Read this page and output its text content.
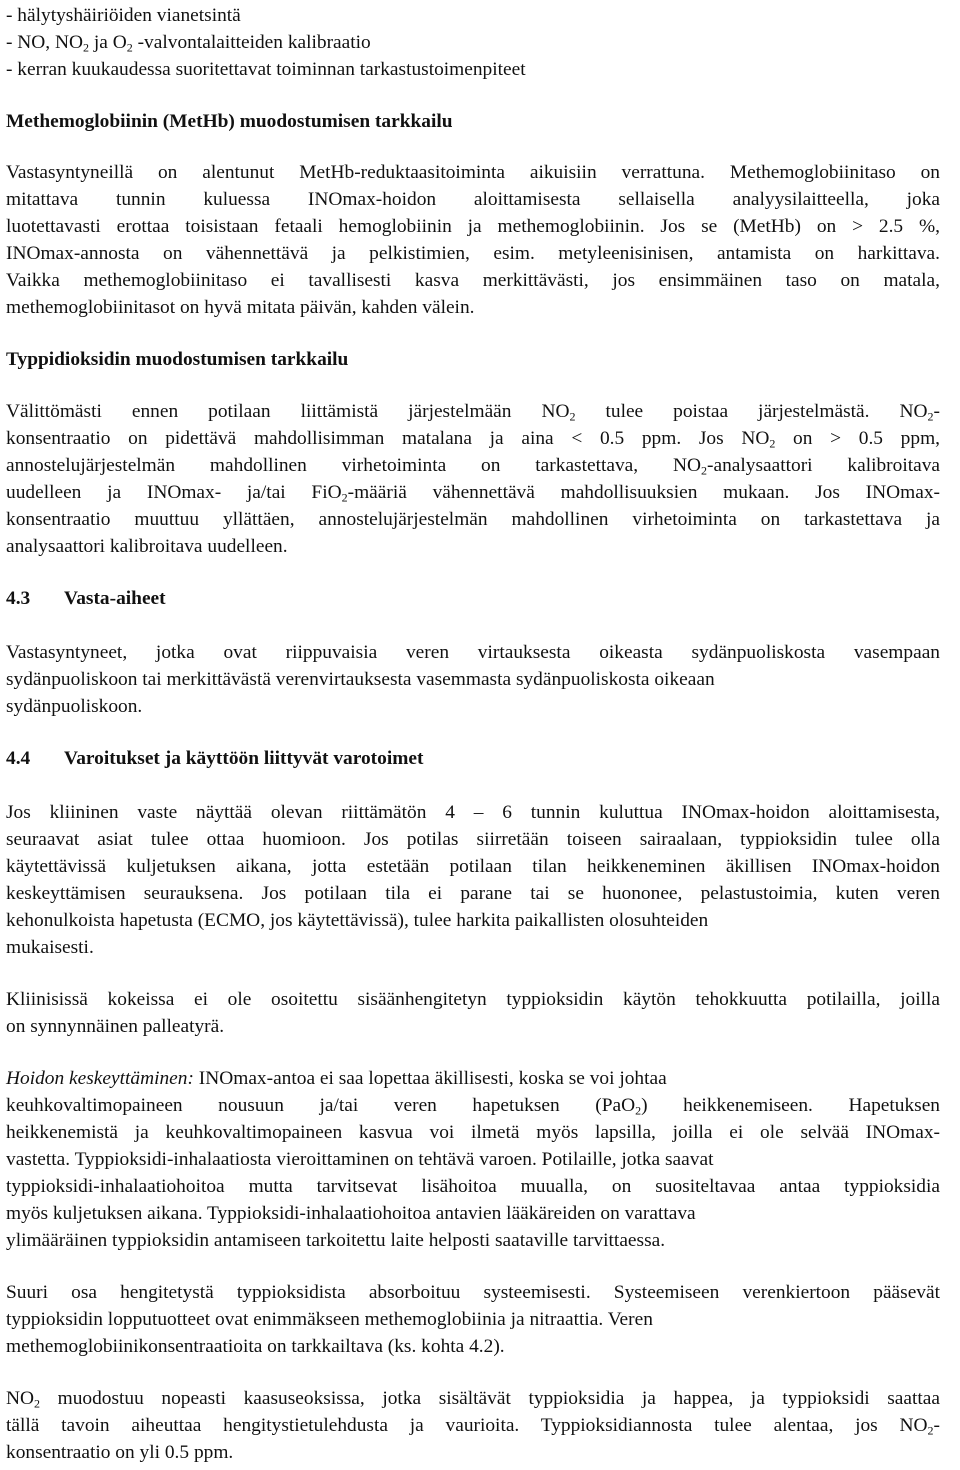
- hälytyshäiriöiden vianetsintä
- NO, $NO_2$ ja $O_2$ -valvontalaitteiden kalibraatio
- kerran kuukaudessa suoritettavat toiminnan tarkastustoimenpiteet
Methemoglobiinin (MetHb) muodostumisen tarkkailu
Vastasyntyneillä on alentunut MetHb-reduktaasitoiminta aikuisiin verrattuna. Methemoglobiinitaso on
mitattava tunnin kuluessa INOmax-hoidon aloittamisesta sellaisella analyysilaitteella, joka
luotettavasti erottaa toisistaan fetaali hemoglobiinin ja methemoglobiinin. Jos se (MetHb) on > 2.5 %,
INOmax-annosta on vähennettävä ja pelkistimien, esim. metyleenisinisen, antamista on harkittava.
Vaikka methemoglobiinitaso ei tavallisesti kasva merkittävästi, jos ensimmäinen taso on matala,
methemoglobiinitasot on hyvä mitata päivän, kahden välein.
Typpidioksidin muodostumisen tarkkailu
Välittömästi ennen potilaan liittämistä järjestelmään $NO_2$ tulee poistaa järjestelmästä. $NO_2-$
konsentraatio on pidettävä mahdollisimman matalana ja aina < 0.5 ppm. Jos $NO_2$ on > 0.5 ppm,
annostelujärjestelmän mahdollinen virhetoiminta on tarkastettava, $NO_2$-analysaattori kalibroitava
uudelleen ja INOmax- ja/tai FiO$_2$-määriä vähennettävä mahdollisuuksien mukaan. Jos INOmax-
konsentraatio muuttuu yllättäen, annostelujärjestelmän mahdollinen virhetoiminta on tarkastettava ja
analysaattori kalibroitava uudelleen.
4.3 Vasta-aiheet
Vastasyntyneet, jotka ovat riippuvaisia veren virtauksesta oikeasta sydänpuoliskosta vasempaan
sydänpuoliskoon tai merkittävästä verenvirtauksesta vasemmasta sydänpuoliskosta oikeaan
sydänpuoliskoon.
4.4 Varoitukset ja käyttöön liittyvät varotoimet
Jos kliininen vaste näyttää olevan riittämätön 4 – 6 tunnin kuluttua INOmax-hoidon aloittamisesta,
seuraavat asiat tulee ottaa huomioon. Jos potilas siirretään toiseen sairaalaan, typpioksidin tulee olla
käytettävissä kuljetuksen aikana, jotta estetään potilaan tilan heikkeneminen äkillisen INOmax-hoidon
keskeyttämisen seurauksena. Jos potilaan tila ei parane tai se huononee, pelastustoimia, kuten veren
kehonulkoista hapetusta (ECMO, jos käytettävissä), tulee harkita paikallisten olosuhteiden
mukaisesti.
Kliinisissä kokeissa ei ole osoitettu sisäänhengitetyn typpioksidin käytön tehokkuutta potilailla, joilla
on synnynnäinen palleatyrä.
Hoidon keskeyttäminen: INOmax-antoa ei saa lopettaa äkillisesti, koska se voi johtaa
keuhkovaltimopaineen nousuun ja/tai veren hapetuksen (PaO$_2$) heikkenemiseen. Hapetuksen
heikkenemistä ja keuhkovaltimopaineen kasvua voi ilmetä myös lapsilla, joilla ei ole selvää INOmax-
vastetta. Typpioksidi-inhalaatiosta vieroittaminen on tehtävä varoen. Potilaille, jotka saavat
typpioksidi-inhalaatiohoitoa mutta tarvitsevat lisähoitoa muualla, on suositeltavaa antaa typpioksidia
myös kuljetuksen aikana. Typpioksidi-inhalaatiohoitoa antavien lääkäreiden on varattava
ylimääräinen typpioksidin antamiseen tarkoitettu laite helposti saataville tarvittaessa.
Suuri osa hengitetystä typpioksidista absorboituu systeemisesti. Systeemiseen verenkiertoon pääsevät
typpioksidin lopputuotteet ovat enimmäkseen methemoglobiinia ja nitraattia. Veren
methemoglobiinikonsentraatioita on tarkkailtava (ks. kohta 4.2).
$NO_2$ muodostuu nopeasti kaasuseoksissa, jotka sisältävät typpioksidia ja happea, ja typpioksidi saattaa
tällä tavoin aiheuttaa hengitystietulehdusta ja vaurioita. Typpioksidiannosta tulee alentaa, jos $NO_2-$
konsentraatio on yli 0.5 ppm.
